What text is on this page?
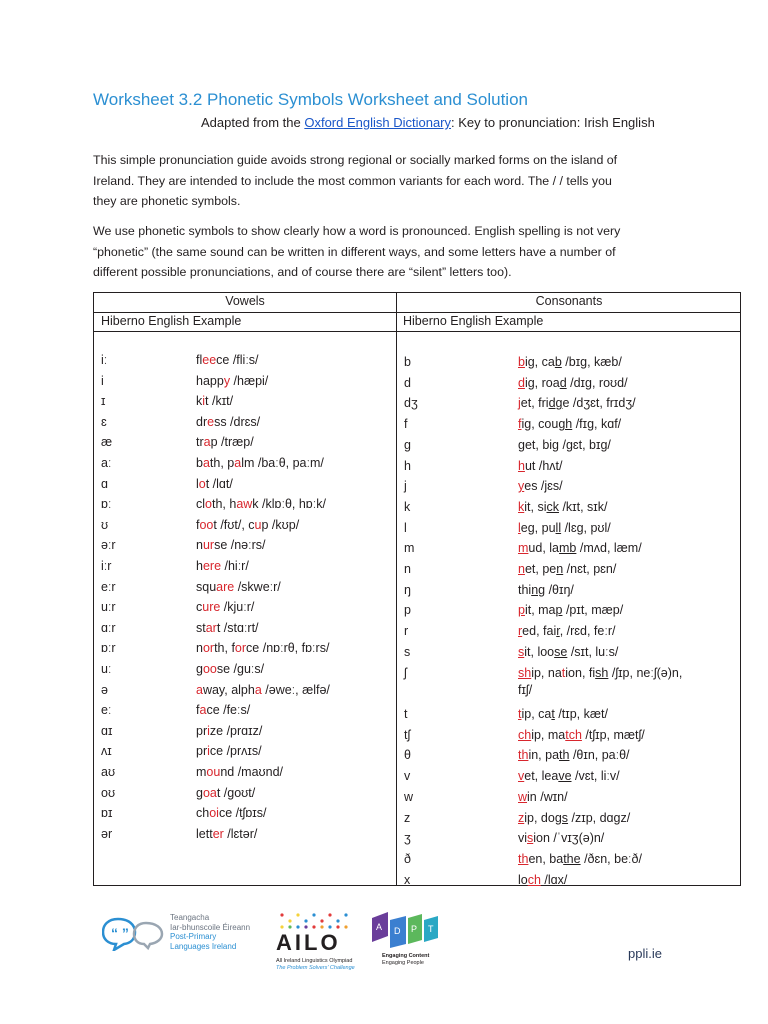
Worksheet 3.2 Phonetic Symbols Worksheet and Solution
Adapted from the Oxford English Dictionary: Key to pronunciation: Irish English
This simple pronunciation guide avoids strong regional or socially marked forms on the island of
Ireland. They are intended to include the most common variants for each word. The / / tells you
they are phonetic symbols.
We use phonetic symbols to show clearly how a word is pronounced. English spelling is not very
“phonetic” (the same sound can be written in different ways, and some letters have a number of
different possible pronunciations, and of course there are “silent” letters too).
Vowels	Consonants
Hiberno English Example	Hiberno English Example
iː	fleece /fliːs/
i	happy /hæpi/
ɪ	kit /kɪt/
ɛ	dress /drɛs/
æ	trap /træp/
aː	bath, palm /baːθ, paːm/
ɑ	lot /lɑt/
ɒː	cloth, hawk /klɒːθ, hɒːk/
ʊ	foot /fʊt/, cup /kʊp/
əːr	nurse /nəːrs/
iːr	here /hiːr/
eːr	square /skweːr/
uːr	cure /kjuːr/
ɑːr	start /stɑːrt/
ɒːr	north, force /nɒːrθ, fɒːrs/
uː	goose /guːs/
ə	away, alpha /əweː, ælfə/
eː	face /feːs/
ɑɪ	prize /prɑɪz/
ʌɪ	price /prʌɪs/
aʊ	mound /maʊnd/
oʊ	goat /goʊt/
ɒɪ	choice /tʃɒɪs/
ər	letter /lɛtər/
b	big, cab /bɪg, kæb/
d	dig, road /dɪg, roʊd/
dʒ	jet, fridge /dʒɛt, frɪdʒ/
f	fig, cough /fɪg, kɑf/
g	get, big /gɛt, bɪg/
h	hut /hʌt/
j	yes /jɛs/
k	kit, sick /kɪt, sɪk/
l	leg, pull /lɛg, pʊl/
m	mud, lamb /mʌd, læm/
n	net, pen /nɛt, pɛn/
ŋ	thing /θɪŋ/
p	pit, map /pɪt, mæp/
r	red, fair, /rɛd, feːr/
s	sit, loose /sɪt, luːs/
ʃ	ship, nation, fish /ʃɪp, neːʃ(ə)n,
fɪʃ/
t	tip, cat /tɪp, kæt/
tʃ	chip, match /tʃɪp, mætʃ/
θ	thin, path /θɪn, paːθ/
v	vet, leave /vɛt, liːv/
w	win /wɪn/
z	zip, dogs /zɪp, dɑgz/
ʒ	vision /ˈvɪʒ(ə)n/
ð	then, bathe /ðɛn, beːð/
x	loch /lɑx/
“ ”
Teangacha
Iar-bhunscoile Éireann
Post-Primary
Languages Ireland	AILO
All Ireland Linguistics Olympiad
The Problem Solvers' Challenge
A D P T
Engaging Content
Engaging People
ppli.ie
